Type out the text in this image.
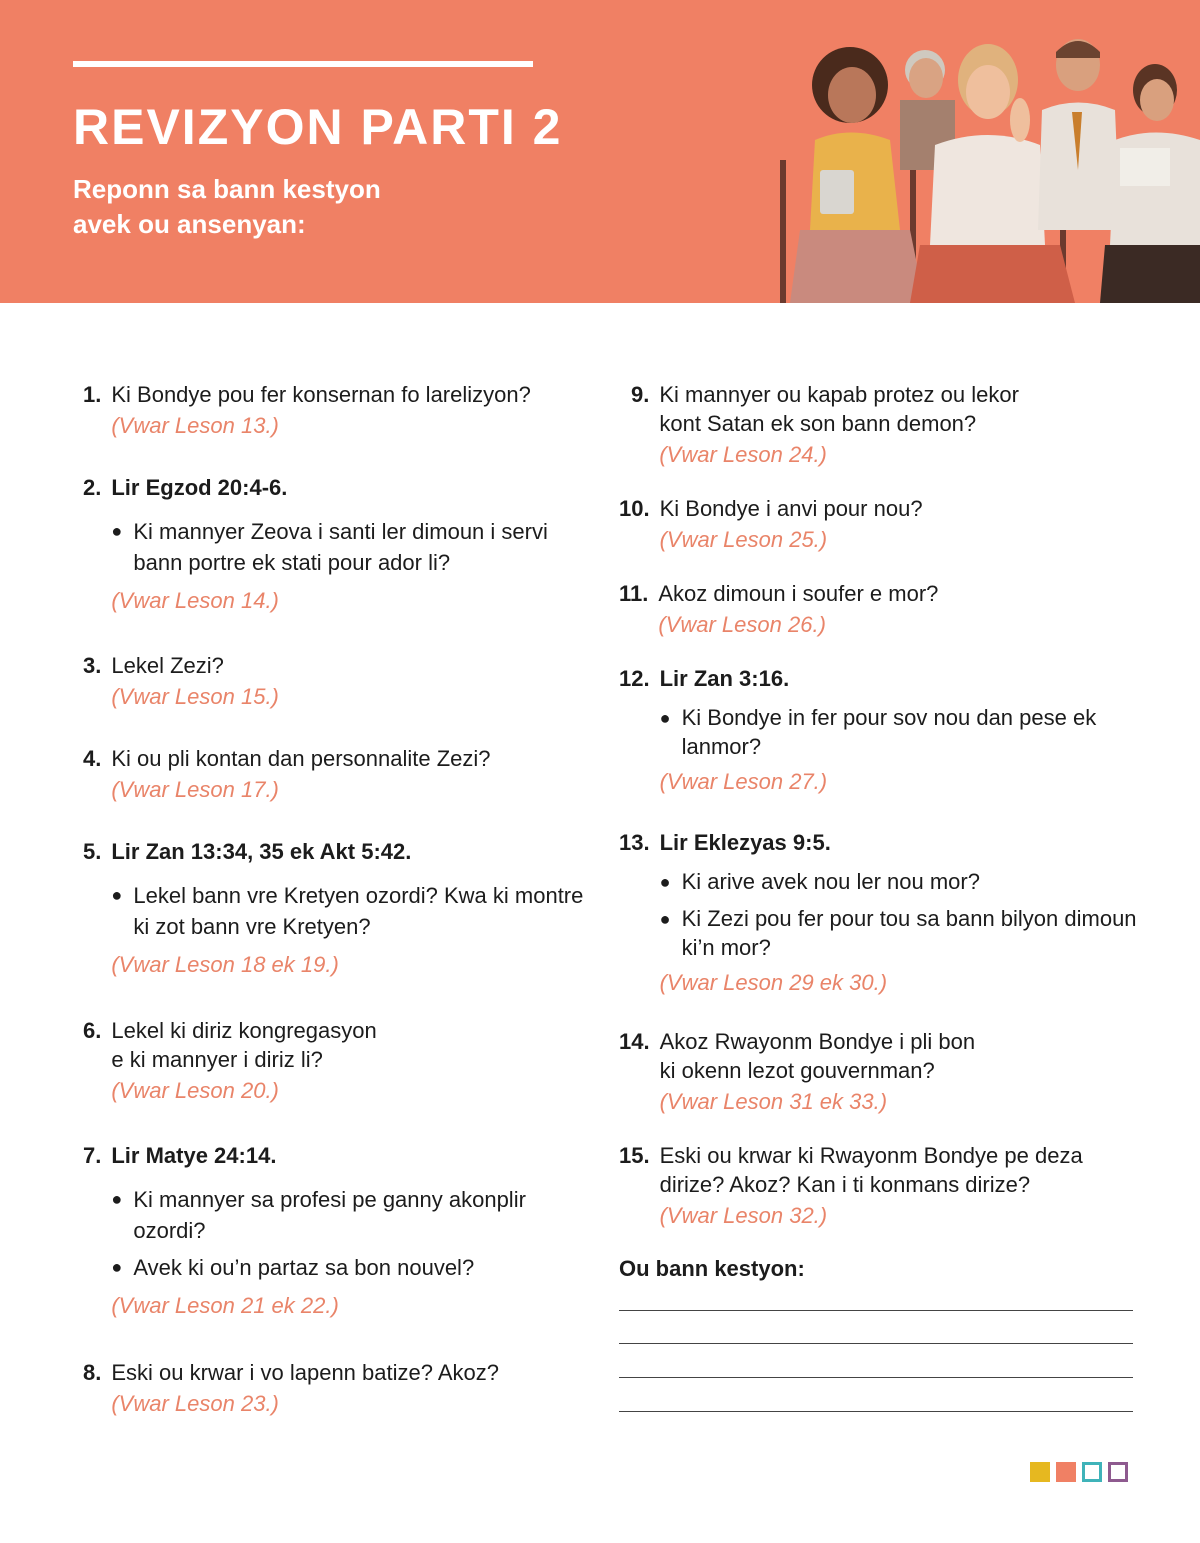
REVIZYON PARTI 2
Reponn sa bann kestyon
avek ou ansenyan:
1. Ki Bondye pou fer konsernan fo larelizyon?
(Vwar Leson 13.)
2. Lir Egzod 20:4-6.
● Ki mannyer Zeova i santi ler dimoun i servi bann portre ek stati pour ador li?
(Vwar Leson 14.)
3. Lekel Zezi?
(Vwar Leson 15.)
4. Ki ou pli kontan dan personnalite Zezi?
(Vwar Leson 17.)
5. Lir Zan 13:34, 35 ek Akt 5:42.
● Lekel bann vre Kretyen ozordi? Kwa ki montre ki zot bann vre Kretyen?
(Vwar Leson 18 ek 19.)
6. Lekel ki diriz kongregasyon
e ki mannyer i diriz li?
(Vwar Leson 20.)
7. Lir Matye 24:14.
● Ki mannyer sa profesi pe ganny akonplir ozordi?
● Avek ki ou’n partaz sa bon nouvel?
(Vwar Leson 21 ek 22.)
8. Eski ou krwar i vo lapenn batize? Akoz?
(Vwar Leson 23.)
9. Ki mannyer ou kapab protez ou lekor
kont Satan ek son bann demon?
(Vwar Leson 24.)
10. Ki Bondye i anvi pour nou?
(Vwar Leson 25.)
11. Akoz dimoun i soufer e mor?
(Vwar Leson 26.)
12. Lir Zan 3:16.
● Ki Bondye in fer pour sov nou dan pese ek lanmor?
(Vwar Leson 27.)
13. Lir Eklezyas 9:5.
● Ki arive avek nou ler nou mor?
● Ki Zezi pou fer pour tou sa bann bilyon dimoun ki’n mor?
(Vwar Leson 29 ek 30.)
14. Akoz Rwayonm Bondye i pli bon
ki okenn lezot gouvernman?
(Vwar Leson 31 ek 33.)
15. Eski ou krwar ki Rwayonm Bondye pe deza
dirize? Akoz? Kan i ti konmans dirize?
(Vwar Leson 32.)
Ou bann kestyon:
